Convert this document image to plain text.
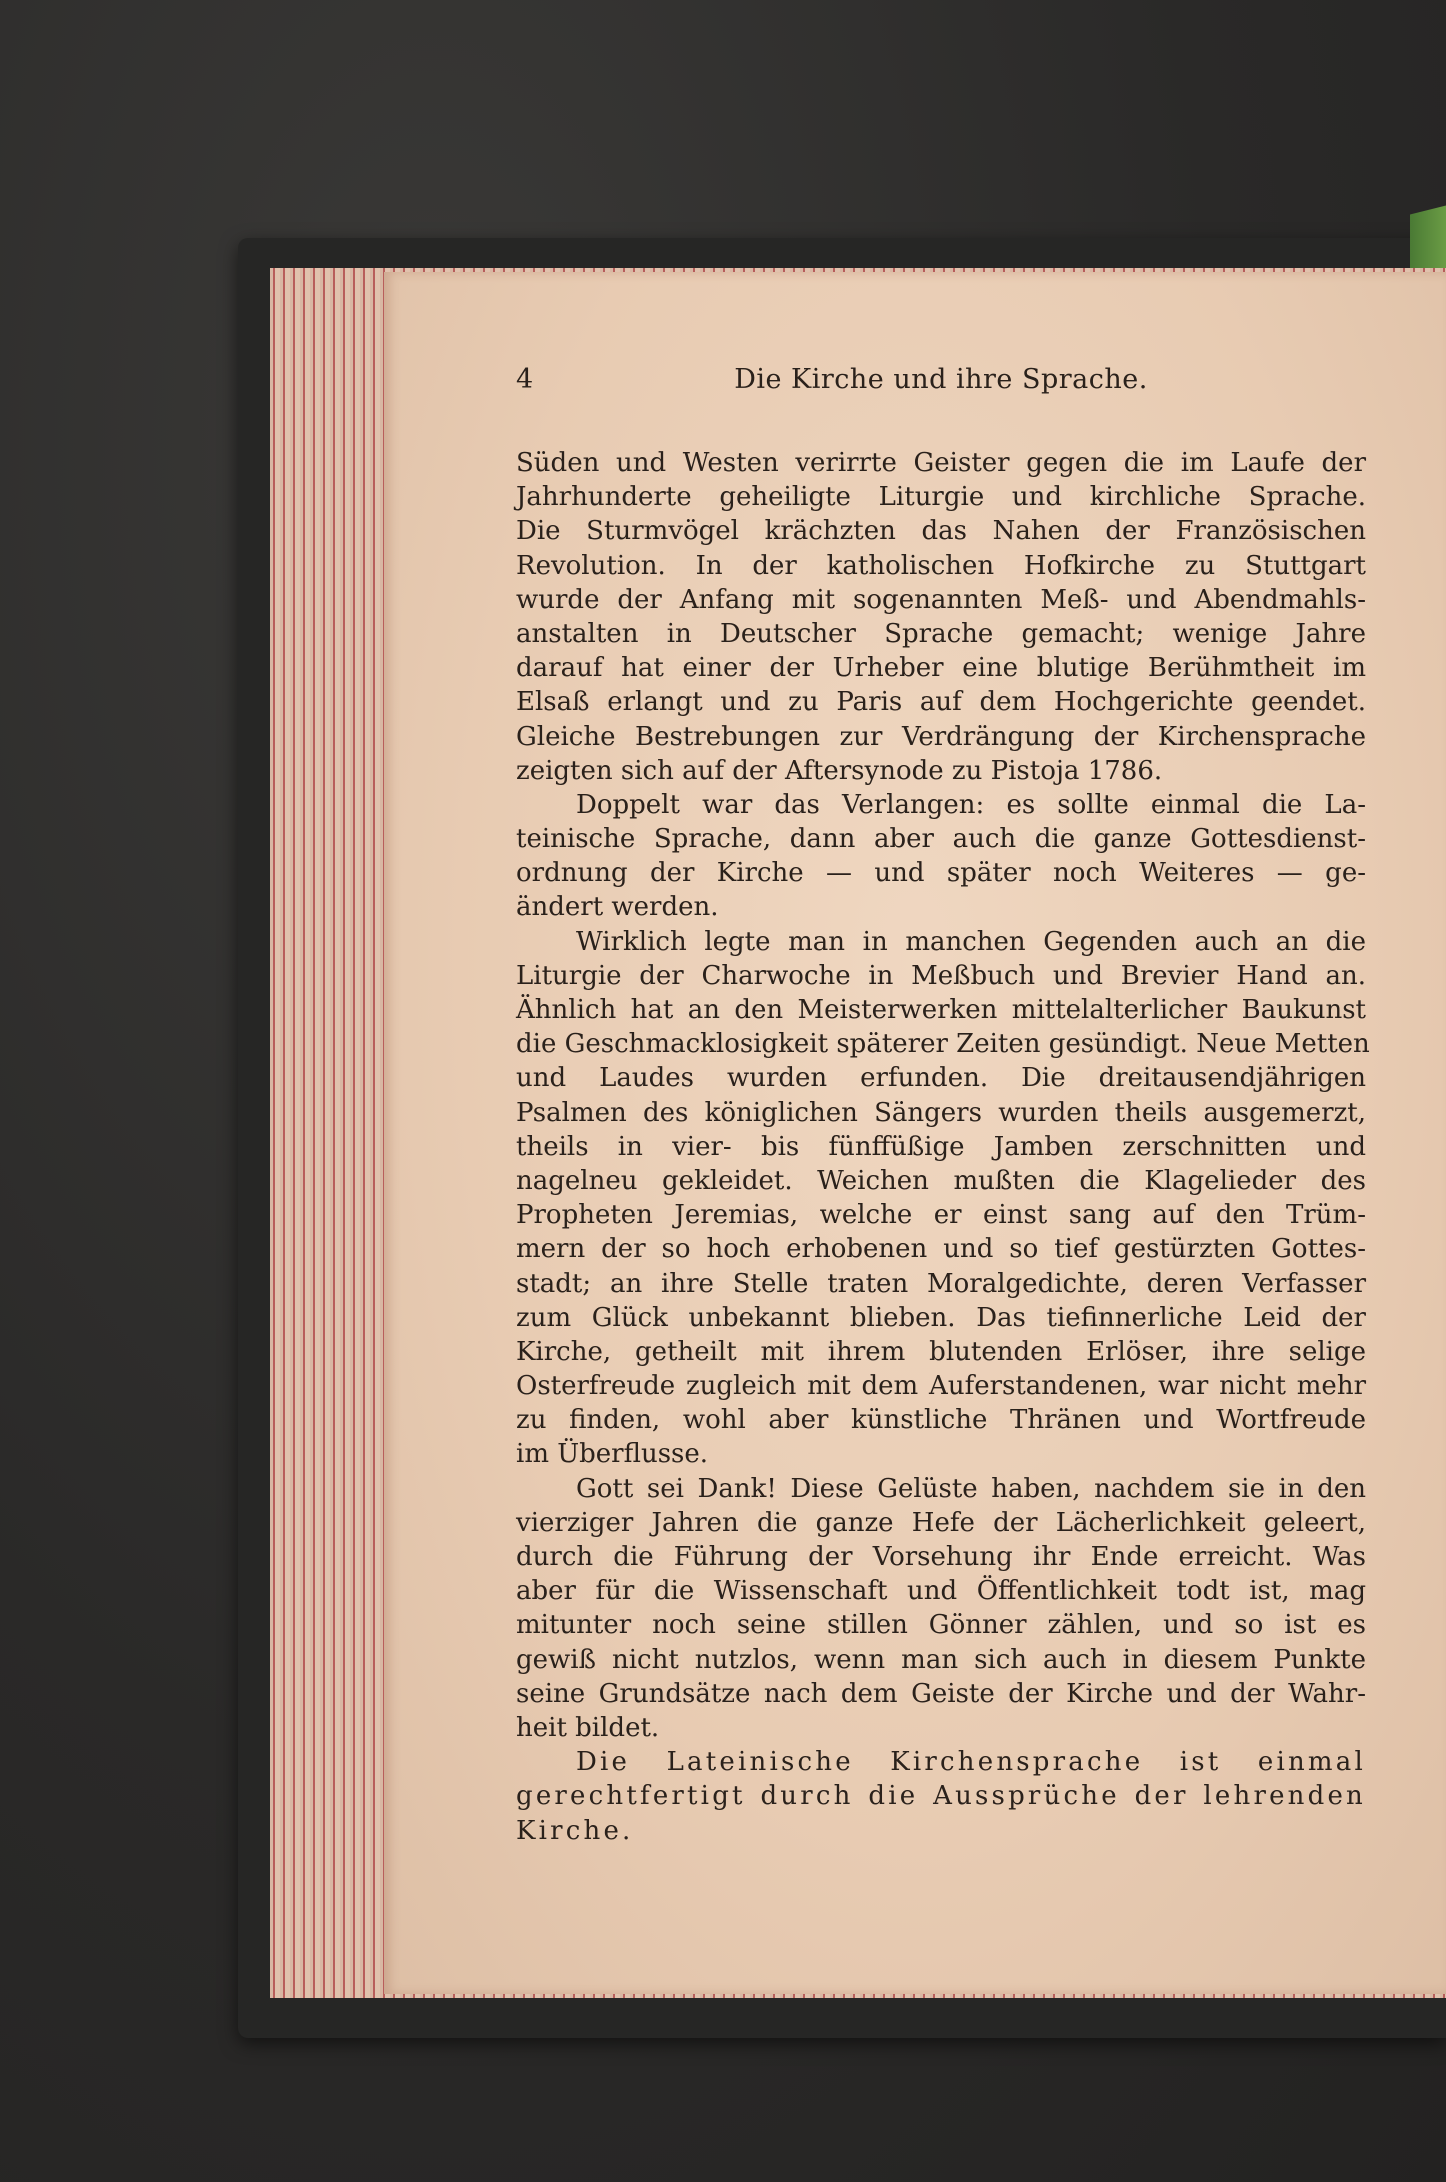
4	Die Kirche und ihre Sprache.
Süden und Westen verirrte Geister gegen die im Laufe der
Jahrhunderte geheiligte Liturgie und kirchliche Sprache.
Die Sturmvögel krächzten das Nahen der Französischen
Revolution. In der katholischen Hofkirche zu Stuttgart
wurde der Anfang mit sogenannten Meß- und Abendmahls-
anstalten in Deutscher Sprache gemacht; wenige Jahre
darauf hat einer der Urheber eine blutige Berühmtheit im
Elsaß erlangt und zu Paris auf dem Hochgerichte geendet.
Gleiche Bestrebungen zur Verdrängung der Kirchensprache
zeigten sich auf der Aftersynode zu Pistoja 1786.
Doppelt war das Verlangen: es sollte einmal die La-
teinische Sprache, dann aber auch die ganze Gottesdienst-
ordnung der Kirche — und später noch Weiteres — ge-
ändert werden.
Wirklich legte man in manchen Gegenden auch an die
Liturgie der Charwoche in Meßbuch und Brevier Hand an.
Ähnlich hat an den Meisterwerken mittelalterlicher Baukunst
die Geschmacklosigkeit späterer Zeiten gesündigt. Neue Metten
und Laudes wurden erfunden. Die dreitausendjährigen
Psalmen des königlichen Sängers wurden theils ausgemerzt,
theils in vier- bis fünffüßige Jamben zerschnitten und
nagelneu gekleidet. Weichen mußten die Klagelieder des
Propheten Jeremias, welche er einst sang auf den Trüm-
mern der so hoch erhobenen und so tief gestürzten Gottes-
stadt; an ihre Stelle traten Moralgedichte, deren Verfasser
zum Glück unbekannt blieben. Das tiefinnerliche Leid der
Kirche, getheilt mit ihrem blutenden Erlöser, ihre selige
Osterfreude zugleich mit dem Auferstandenen, war nicht mehr
zu finden, wohl aber künstliche Thränen und Wortfreude
im Überflusse.
Gott sei Dank! Diese Gelüste haben, nachdem sie in den
vierziger Jahren die ganze Hefe der Lächerlichkeit geleert,
durch die Führung der Vorsehung ihr Ende erreicht. Was
aber für die Wissenschaft und Öffentlichkeit todt ist, mag
mitunter noch seine stillen Gönner zählen, und so ist es
gewiß nicht nutzlos, wenn man sich auch in diesem Punkte
seine Grundsätze nach dem Geiste der Kirche und der Wahr-
heit bildet.
Die Lateinische Kirchensprache ist einmal
gerechtfertigt durch die Aussprüche der lehrenden
Kirche.
